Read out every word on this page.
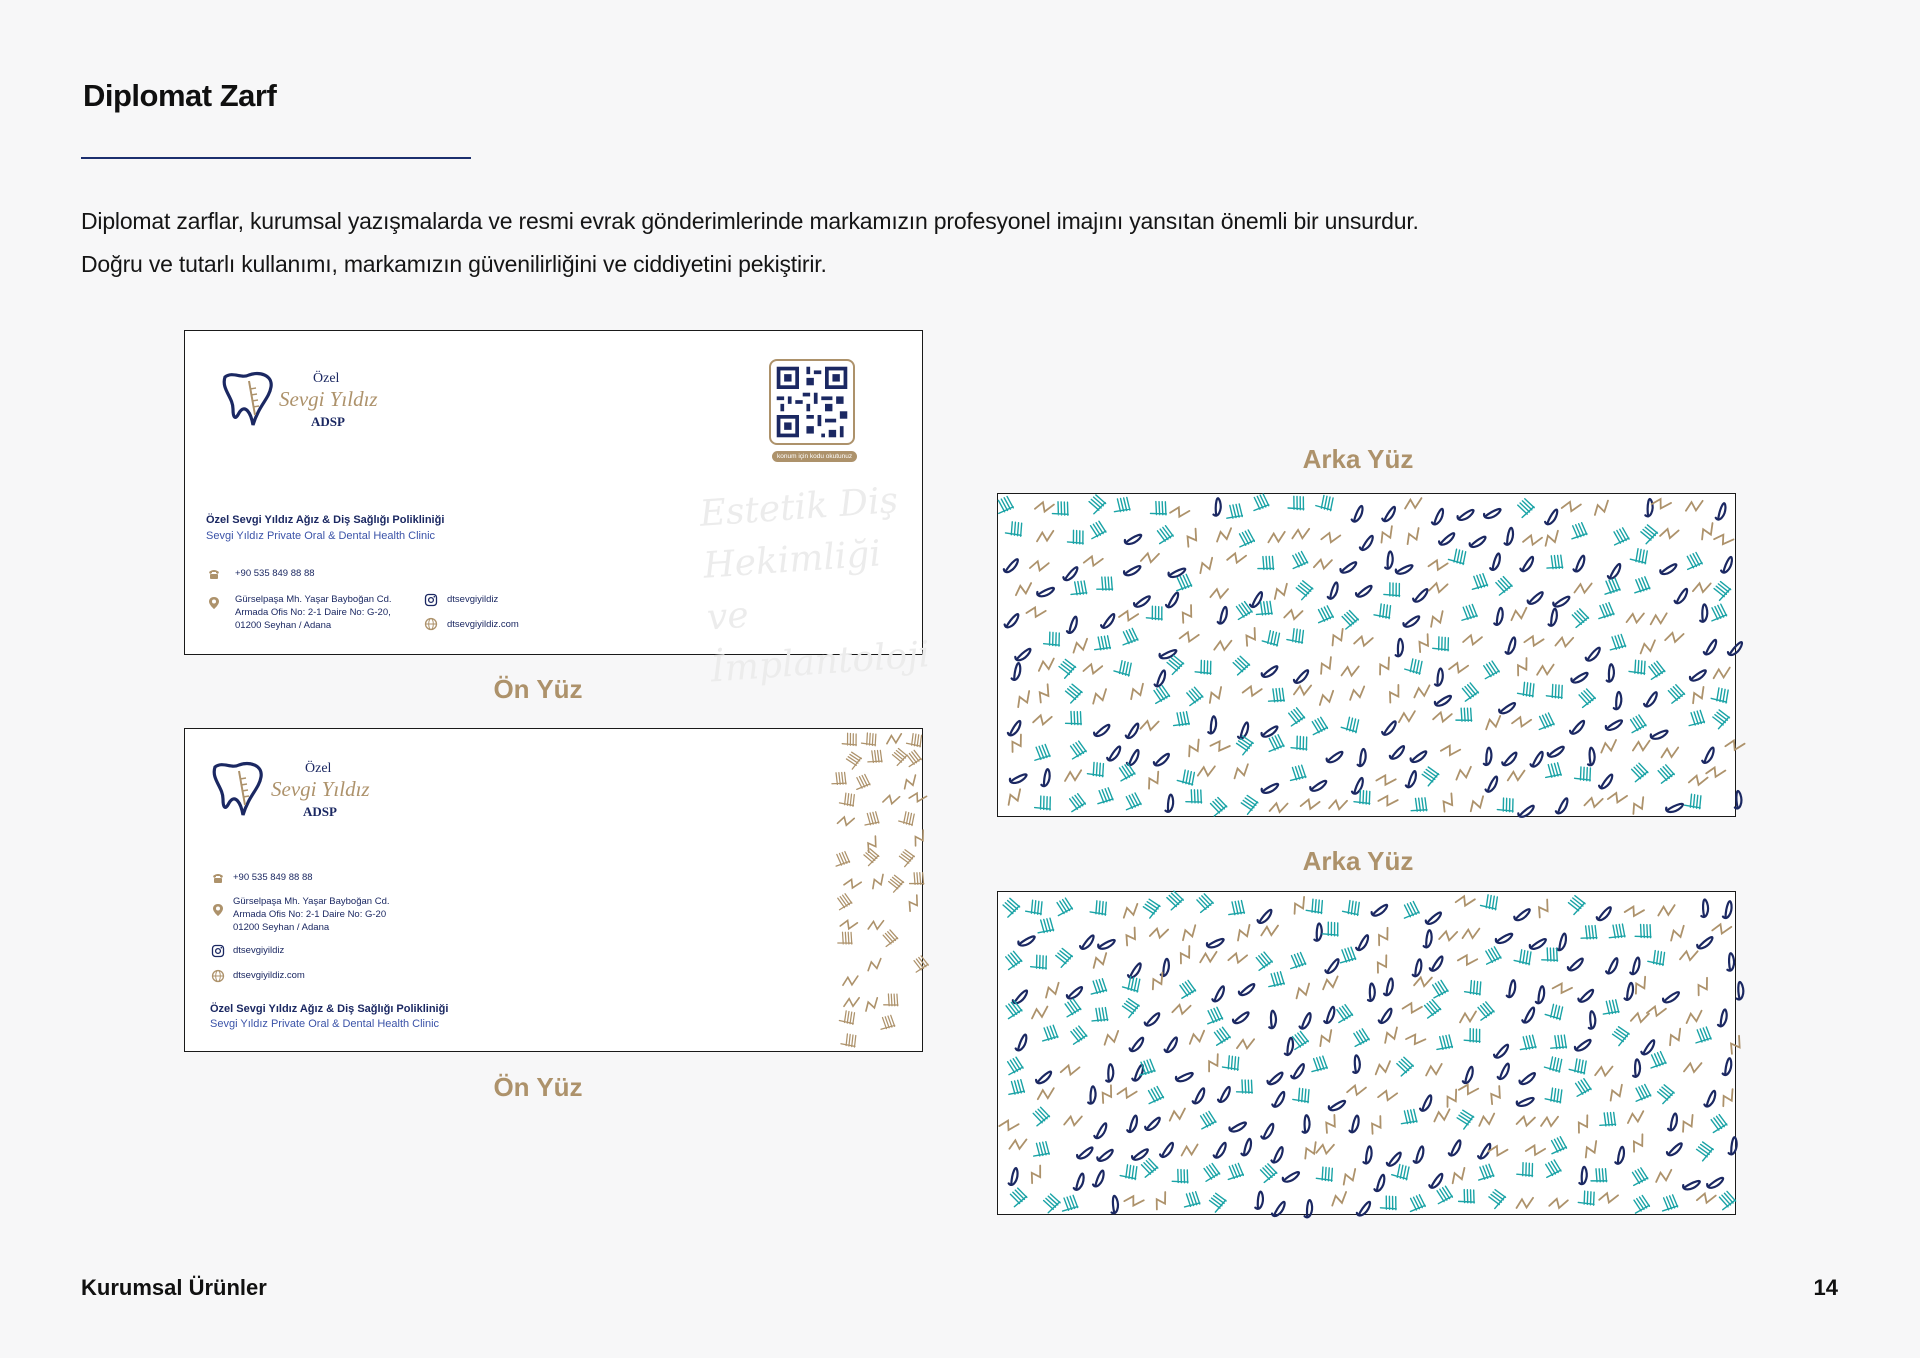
Diplomat Zarf
Diplomat zarflar, kurumsal yazışmalarda ve resmi evrak gönderimlerinde markamızın profesyonel imajını yansıtan önemli bir unsurdur.
Doğru ve tutarlı kullanımı, markamızın güvenilirliğini ve ciddiyetini pekiştirir.
Özel
Sevgi Yıldız
ADSP
konum için kodu okutunuz
Estetik Diş
Hekimliği ve
İmplantoloji
Özel Sevgi Yıldız Ağız & Diş Sağlığı Polikliniği
Sevgi Yıldız Private Oral & Dental Health Clinic
+90 535 849 88 88
Gürselpaşa Mh. Yaşar Bayboğan Cd.
Armada Ofis No: 2-1 Daire No: G-20,
01200 Seyhan / Adana
dtsevgiyildiz
dtsevgiyildiz.com
Ön Yüz
Özel
Sevgi Yıldız
ADSP
+90 535 849 88 88
Gürselpaşa Mh. Yaşar Bayboğan Cd.
Armada Ofis No: 2-1 Daire No: G-20
01200 Seyhan / Adana
dtsevgiyildiz
dtsevgiyildiz.com
Özel Sevgi Yıldız Ağız & Diş Sağlığı Polikliniği
Sevgi Yıldız Private Oral & Dental Health Clinic
Ön Yüz
Arka Yüz
Arka Yüz
Kurumsal Ürünler	14
